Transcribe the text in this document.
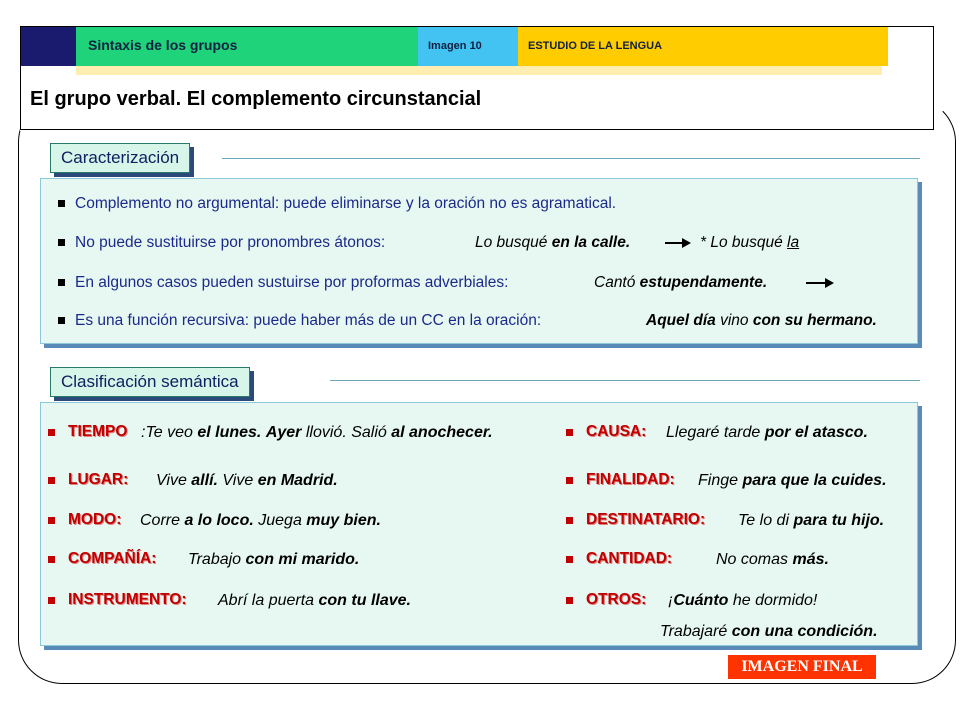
Sintaxis de los grupos	Imagen 10	ESTUDIO DE LA LENGUA
El grupo verbal. El complemento circunstancial
Caracterización
Complemento no argumental: puede eliminarse y la oración no es agramatical.
No puede sustituirse por pronombres átonos:	Lo busqué en la calle.	* Lo busqué la
En algunos casos pueden sustuirse por proformas adverbiales:	Cantó estupendamente.
Es una función recursiva: puede haber más de un CC en la oración:	Aquel día vino con su hermano.
Clasificación semántica
TIEMPO :Te veo el lunes. Ayer llovió. Salió al anochecer.
LUGAR: Vive allí. Vive en Madrid.
MODO: Corre a lo loco. Juega muy bien.
COMPAÑÍA: Trabajo con mi marido.
INSTRUMENTO: Abrí la puerta con tu llave.
CAUSA: Llegaré tarde por el atasco.
FINALIDAD: Finge para que la cuides.
DESTINATARIO: Te lo di para tu hijo.
CANTIDAD:	No comas más.
OTROS: ¡Cuánto he dormido!
Trabajaré con una condición.
IMAGEN FINAL
